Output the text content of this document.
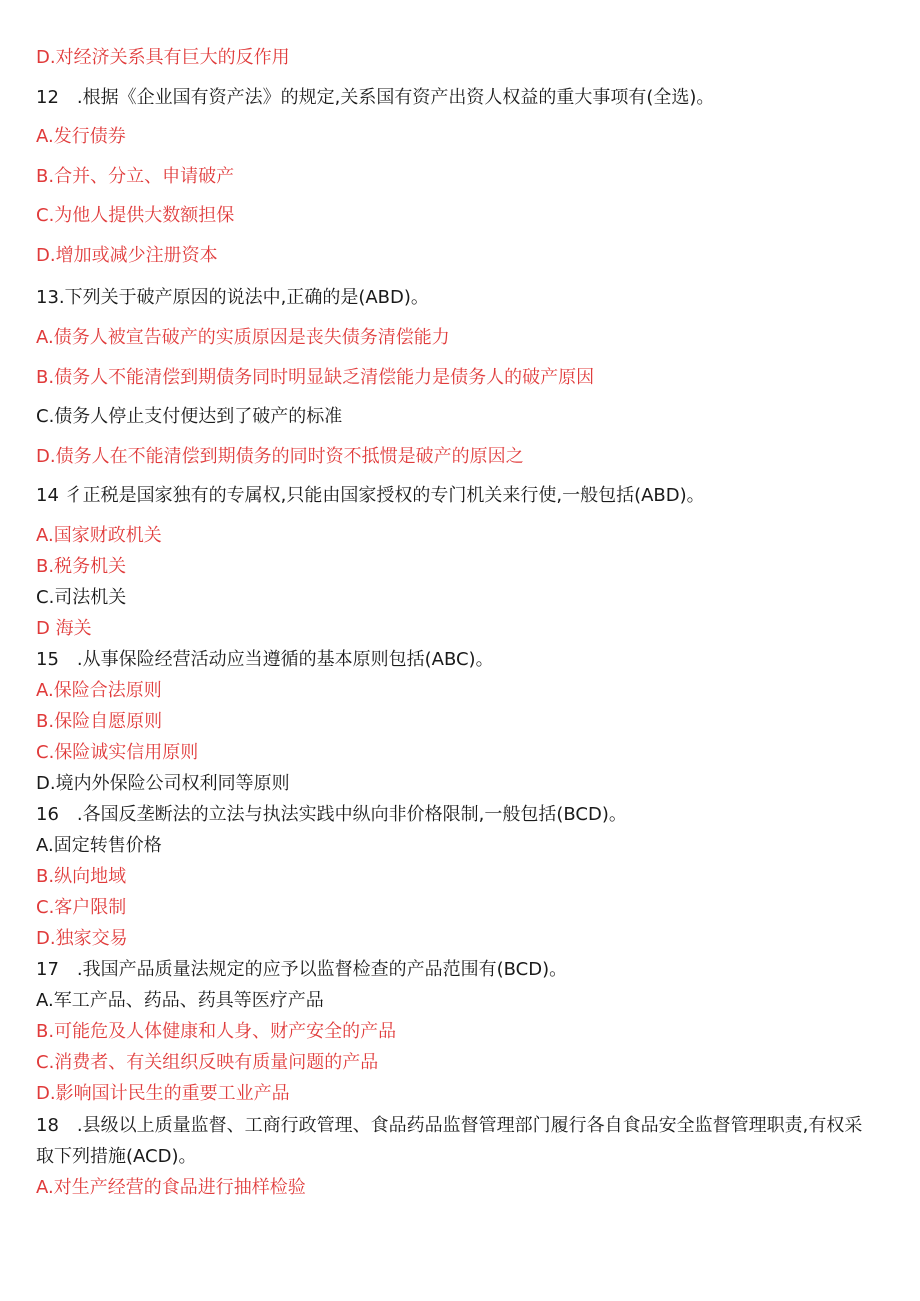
D.对经济关系具有巨大的反作用
12　.根据《企业国有资产法》的规定,关系国有资产出资人权益的重大事项有(全选)。
A.发行债券
B.合并、分立、申请破产
C.为他人提供大数额担保
D.增加或减少注册资本
13.下列关于破产原因的说法中,正确的是(ABD)。
A.债务人被宣告破产的实质原因是丧失债务清偿能力
B.债务人不能清偿到期债务同时明显缺乏清偿能力是债务人的破产原因
C.债务人停止支付便达到了破产的标准
D.债务人在不能清偿到期债务的同时资不抵惯是破产的原因之
14 彳正税是国家独有的专属权,只能由国家授权的专门机关来行使,一般包括(ABD)。
A.国家财政机关
B.税务机关
C.司法机关
D 海关
15　.从事保险经营活动应当遵循的基本原则包括(ABC)。
A.保险合法原则
B.保险自愿原则
C.保险诚实信用原则
D.境内外保险公司权利同等原则
16　.各国反垄断法的立法与执法实践中纵向非价格限制,一般包括(BCD)。
A.固定转售价格
B.纵向地域
C.客户限制
D.独家交易
17　.我国产品质量法规定的应予以监督检查的产品范围有(BCD)。
A.军工产品、药品、药具等医疗产品
B.可能危及人体健康和人身、财产安全的产品
C.消费者、有关组织反映有质量问题的产品
D.影响国计民生的重要工业产品
18　.县级以上质量监督、工商行政管理、食品药品监督管理部门履行各自食品安全监督管理职责,有权采取下列措施(ACD)。
A.对生产经营的食品进行抽样检验
